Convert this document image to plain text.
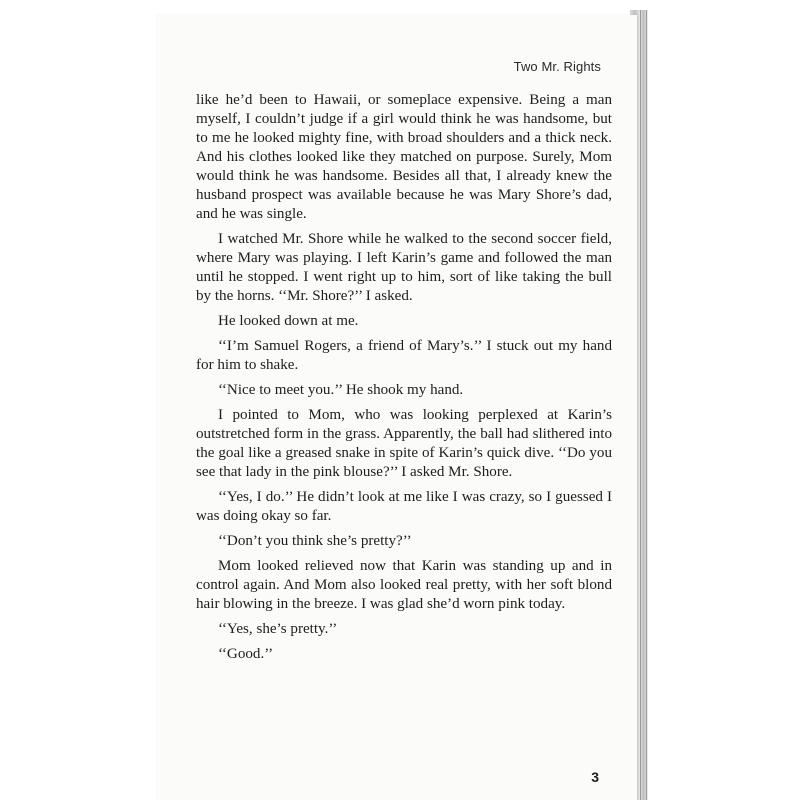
Two Mr. Rights

like he’d been to Hawaii, or someplace expensive. Being a man myself, I couldn’t judge if a girl would think he was handsome, but to me he looked mighty fine, with broad shoulders and a thick neck. And his clothes looked like they matched on purpose. Surely, Mom would think he was handsome. Besides all that, I already knew the husband prospect was available because he was Mary Shore’s dad, and he was single.

I watched Mr. Shore while he walked to the second soccer field, where Mary was playing. I left Karin’s game and followed the man until he stopped. I went right up to him, sort of like taking the bull by the horns. ‘‘Mr. Shore?’’ I asked.

He looked down at me.

‘‘I’m Samuel Rogers, a friend of Mary’s.’’ I stuck out my hand for him to shake.

‘‘Nice to meet you.’’ He shook my hand.

I pointed to Mom, who was looking perplexed at Karin’s outstretched form in the grass. Apparently, the ball had slithered into the goal like a greased snake in spite of Karin’s quick dive. ‘‘Do you see that lady in the pink blouse?’’ I asked Mr. Shore.

‘‘Yes, I do.’’ He didn’t look at me like I was crazy, so I guessed I was doing okay so far.

‘‘Don’t you think she’s pretty?’’

Mom looked relieved now that Karin was standing up and in control again. And Mom also looked real pretty, with her soft blond hair blowing in the breeze. I was glad she’d worn pink today.

‘‘Yes, she’s pretty.’’

‘‘Good.’’

3
